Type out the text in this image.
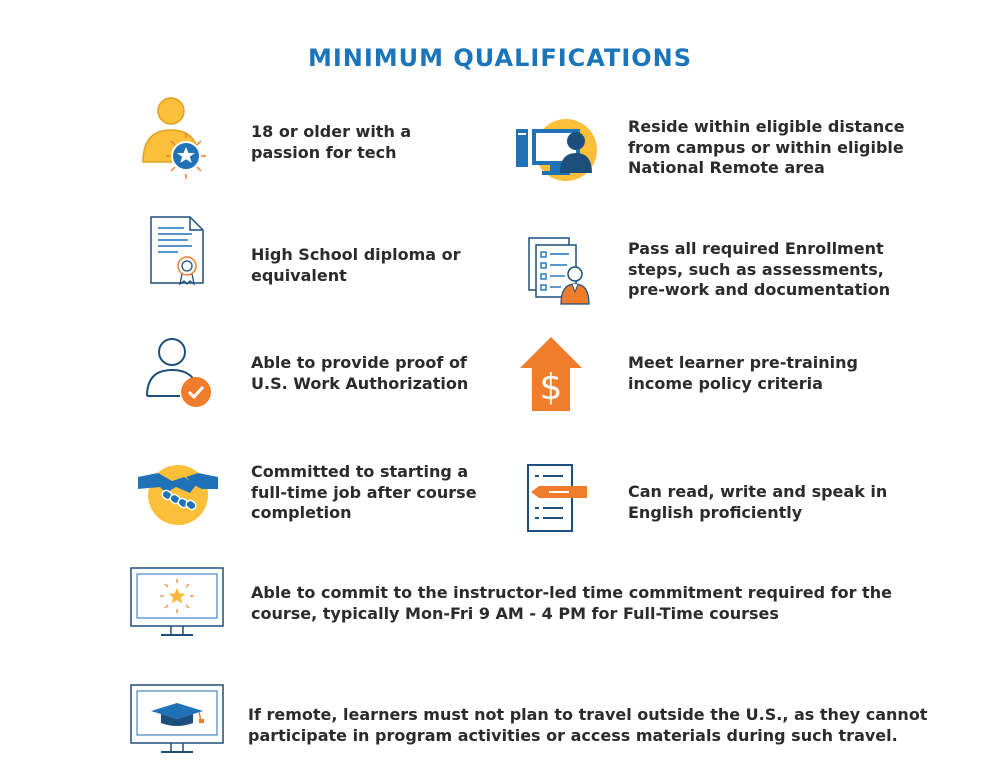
MINIMUM QUALIFICATIONS
18 or older with a
passion for tech
Reside within eligible distance
from campus or within eligible
National Remote area
High School diploma or
equivalent
Pass all required Enrollment
steps, such as assessments,
pre-work and documentation
Able to provide proof of
U.S. Work Authorization $
Meet learner pre-training
income policy criteria
Committed to starting a
full-time job after course
completion
Can read, write and speak in
English proficiently
Able to commit to the instructor-led time commitment required for the
course, typically Mon-Fri 9 AM - 4 PM for Full-Time courses
If remote, learners must not plan to travel outside the U.S., as they cannot
participate in program activities or access materials during such travel.
